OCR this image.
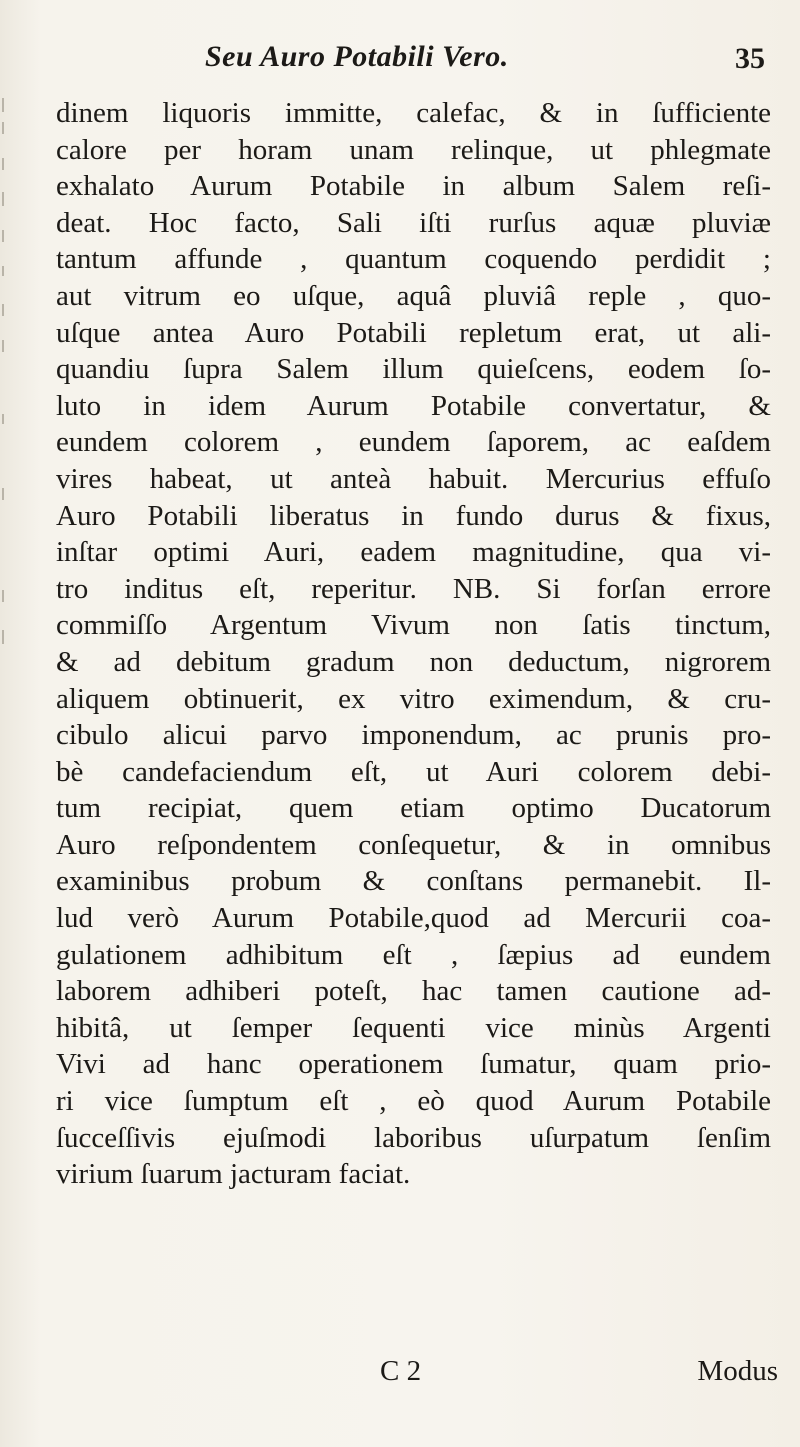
Seu Auro Potabili Vero.	35
dinem liquoris immitte, calefac, & in ſufficiente
calore per horam unam relinque, ut phlegmate
exhalato Aurum Potabile in album Salem reſi-
deat. Hoc facto, Sali iſti rurſus aquæ pluviæ
tantum affunde , quantum coquendo perdidit ;
aut vitrum eo uſque, aquâ pluviâ reple , quo-
uſque antea Auro Potabili repletum erat, ut ali-
quandiu ſupra Salem illum quieſcens, eodem ſo-
luto in idem Aurum Potabile convertatur, &
eundem colorem , eundem ſaporem, ac eaſdem
vires habeat, ut anteà habuit. Mercurius effuſo
Auro Potabili liberatus in fundo durus & fixus,
inſtar optimi Auri, eadem magnitudine, qua vi-
tro inditus eſt, reperitur. NB. Si forſan errore
commiſſo Argentum Vivum non ſatis tinctum,
& ad debitum gradum non deductum, nigrorem
aliquem obtinuerit, ex vitro eximendum, & cru-
cibulo alicui parvo imponendum, ac prunis pro-
bè candefaciendum eſt, ut Auri colorem debi-
tum recipiat, quem etiam optimo Ducatorum
Auro reſpondentem conſequetur, & in omnibus
examinibus probum & conſtans permanebit. Il-
lud verò Aurum Potabile,quod ad Mercurii coa-
gulationem adhibitum eſt , ſæpius ad eundem
laborem adhiberi poteſt, hac tamen cautione ad-
hibitâ, ut ſemper ſequenti vice minùs Argenti
Vivi ad hanc operationem ſumatur, quam prio-
ri vice ſumptum eſt , eò quod Aurum Potabile
ſucceſſivis ejuſmodi laboribus uſurpatum ſenſim
virium ſuarum jacturam faciat.
C 2	Modus
